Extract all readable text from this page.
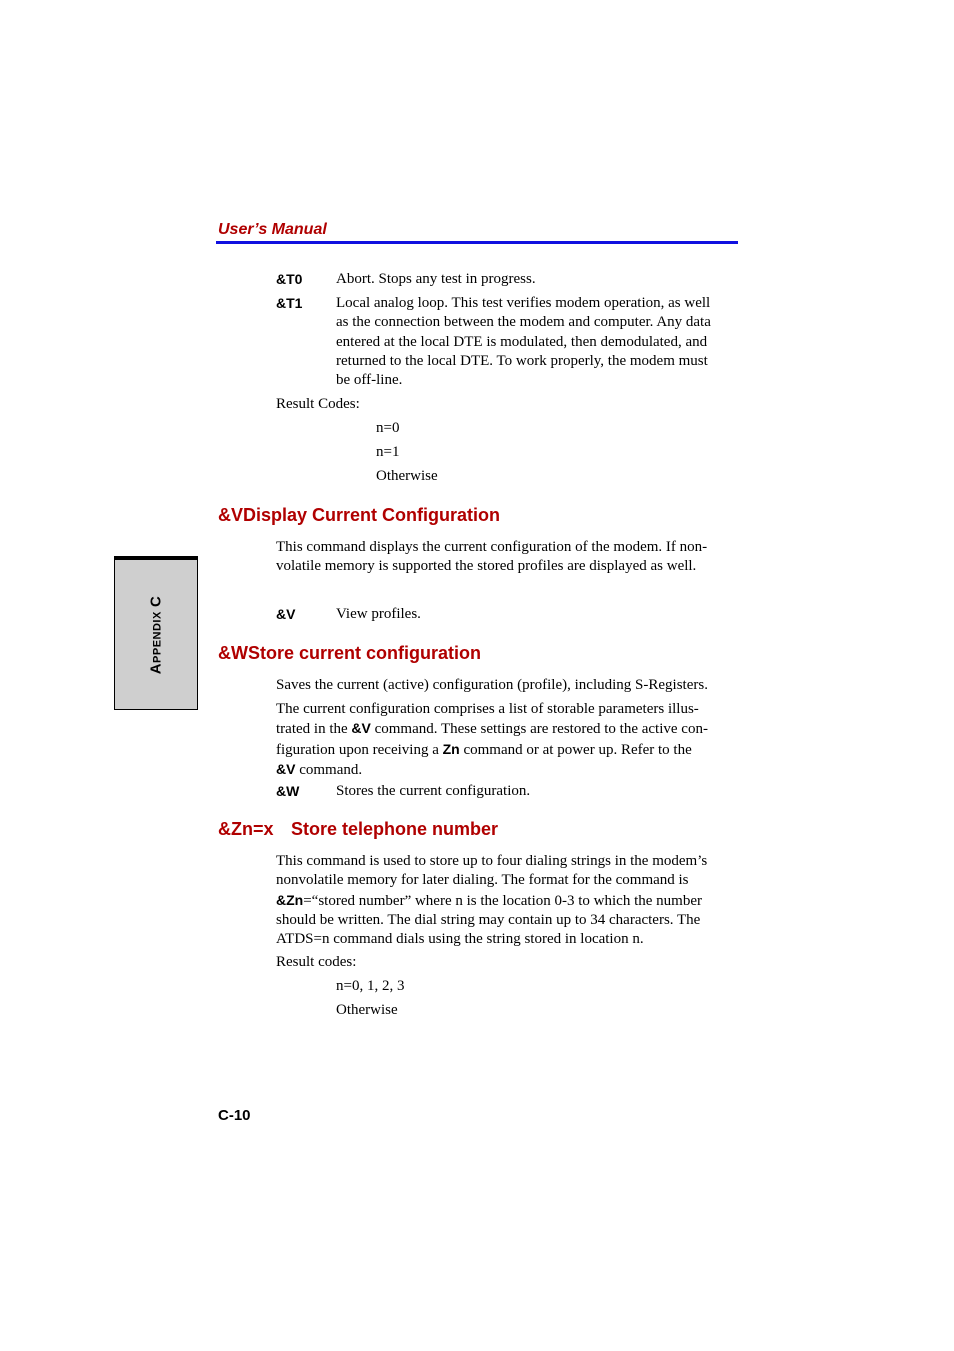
User’s Manual
APPENDIX C
&T0 Abort. Stops any test in progress.
&T1 Local analog loop. This test verifies modem operation, as well
as the connection between the modem and computer. Any data
entered at the local DTE is modulated, then demodulated, and
returned to the local DTE. To work properly, the modem must
be off-line.
Result Codes:
n=0
n=1
Otherwise
&VDisplay Current Configuration
This command displays the current configuration of the modem. If non-
volatile memory is supported the stored profiles are displayed as well.
&V	View profiles.
&WStore current configuration
Saves the current (active) configuration (profile), including S-Registers.
The current configuration comprises a list of storable parameters illus-
trated in the &V command. These settings are restored to the active con-
figuration upon receiving a Zn command or at power up. Refer to the
&V command.
&W Stores the current configuration.
&Zn=x Store telephone number
This command is used to store up to four dialing strings in the modem’s
nonvolatile memory for later dialing. The format for the command is
&Zn=“stored number” where n is the location 0-3 to which the number
should be written. The dial string may contain up to 34 characters. The
ATDS=n command dials using the string stored in location n.
Result codes:
n=0, 1, 2, 3
Otherwise
C-10
